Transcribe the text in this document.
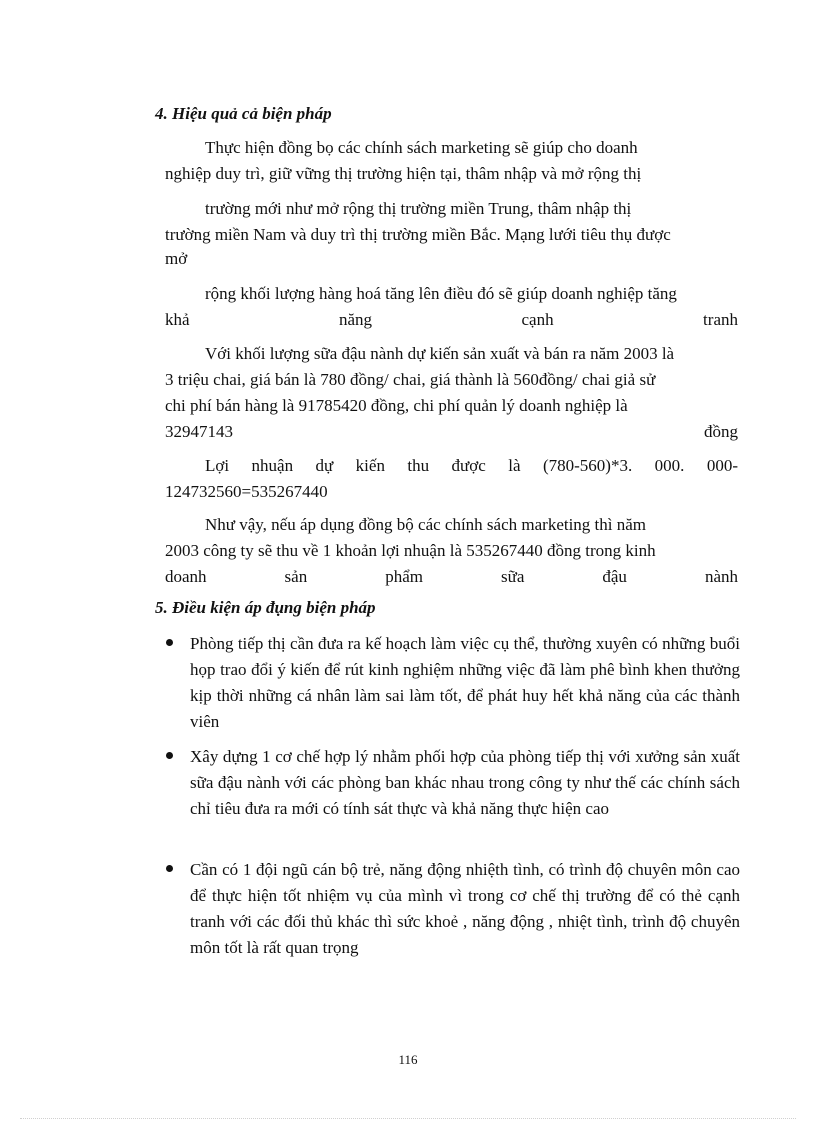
4. Hiệu quả cả biện pháp
Thực hiện đồng bọ các chính sách marketing sẽ giúp cho doanh
nghiệp duy trì, giữ vững thị trường hiện tại, thâm nhập và mở rộng thị
trường mới như mở rộng thị trường miền Trung, thâm nhập thị
trường miền Nam và duy trì thị trường miền Bắc. Mạng lưới tiêu thụ được
mở
rộng khối lượng hàng hoá tăng lên điều đó sẽ giúp doanh nghiệp tăng
khả năng cạnh tranh
Với khối lượng sữa đậu nành dự kiến sản xuất và bán ra năm 2003 là
3 triệu chai, giá bán là 780 đồng/ chai, giá thành là 560đồng/ chai giả sử
chi phí bán hàng là 91785420 đồng, chi phí quản lý doanh nghiệp là
32947143 đồng
Lợi nhuận dự kiến thu được là (780-560)*3. 000. 000-
124732560=535267440
Như vậy, nếu áp dụng đồng bộ các chính sách marketing thì năm
2003 công ty sẽ thu về 1 khoản lợi nhuận là 535267440 đồng trong kinh
doanh sản phẩm sữa đậu nành
5. Điều kiện áp đụng biện pháp
Phòng tiếp thị cần đưa ra kế hoạch làm việc cụ thể, thường xuyên có những buổi họp trao đổi ý kiến để rút kinh nghiệm những việc đã làm phê bình khen thưởng kịp thời những cá nhân làm sai làm tốt, để phát huy hết khả năng của các thành viên
Xây dựng 1 cơ chế hợp lý nhằm phối hợp của phòng tiếp thị với xưởng sản xuất sữa đậu nành với các phòng ban khác nhau trong công ty như thế các chính sách chỉ tiêu đưa ra mới có tính sát thực và khả năng thực hiện cao
Cần có 1 đội ngũ cán bộ trẻ, năng động nhiệth tình, có trình độ chuyên môn cao để thực hiện tốt nhiệm vụ của mình vì trong cơ chế thị trường để có thẻ cạnh tranh với các đối thủ khác thì sức khoẻ , năng động , nhiệt tình, trình độ chuyên môn tốt là rất quan trọng
116
